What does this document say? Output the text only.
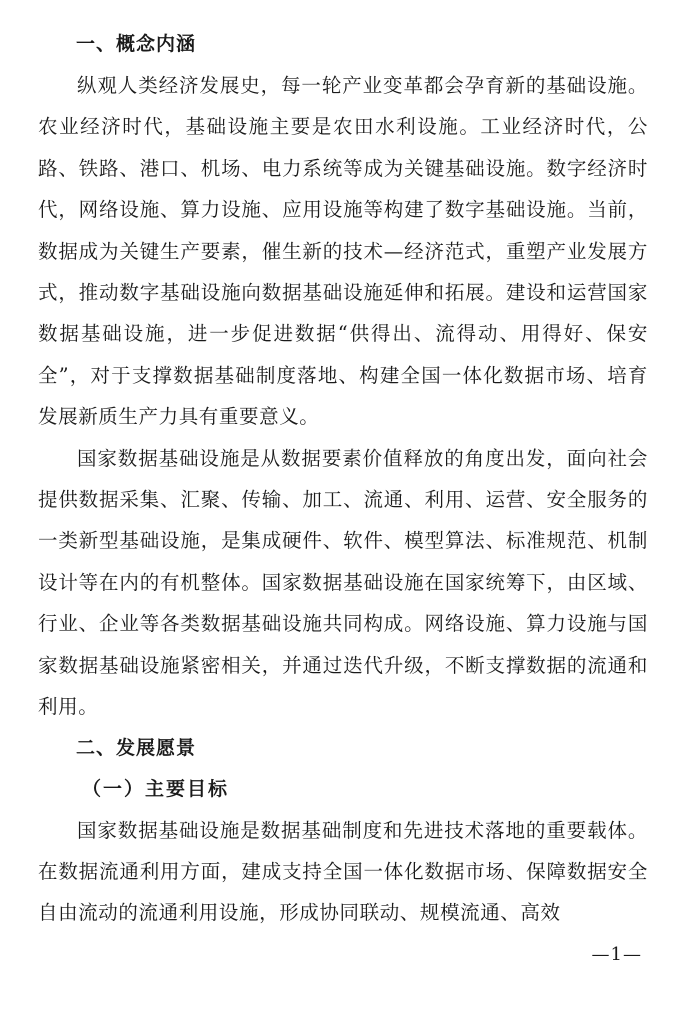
一、概念内涵

纵观人类经济发展史，每一轮产业变革都会孕育新的基础设施。农业经济时代，基础设施主要是农田水利设施。工业经济时代，公路、铁路、港口、机场、电力系统等成为关键基础设施。数字经济时代，网络设施、算力设施、应用设施等构建了数字基础设施。当前，数据成为关键生产要素，催生新的技术—经济范式，重塑产业发展方式，推动数字基础设施向数据基础设施延伸和拓展。建设和运营国家数据基础设施，进一步促进数据“供得出、流得动、用得好、保安全”，对于支撑数据基础制度落地、构建全国一体化数据市场、培育发展新质生产力具有重要意义。

国家数据基础设施是从数据要素价值释放的角度出发，面向社会提供数据采集、汇聚、传输、加工、流通、利用、运营、安全服务的一类新型基础设施，是集成硬件、软件、模型算法、标准规范、机制设计等在内的有机整体。国家数据基础设施在国家统筹下，由区域、行业、企业等各类数据基础设施共同构成。网络设施、算力设施与国家数据基础设施紧密相关，并通过迭代升级，不断支撑数据的流通和利用。

二、发展愿景
（一）主要目标

国家数据基础设施是数据基础制度和先进技术落地的重要载体。在数据流通利用方面，建成支持全国一体化数据市场、保障数据安全自由流动的流通利用设施，形成协同联动、规模流通、高效

—1—
